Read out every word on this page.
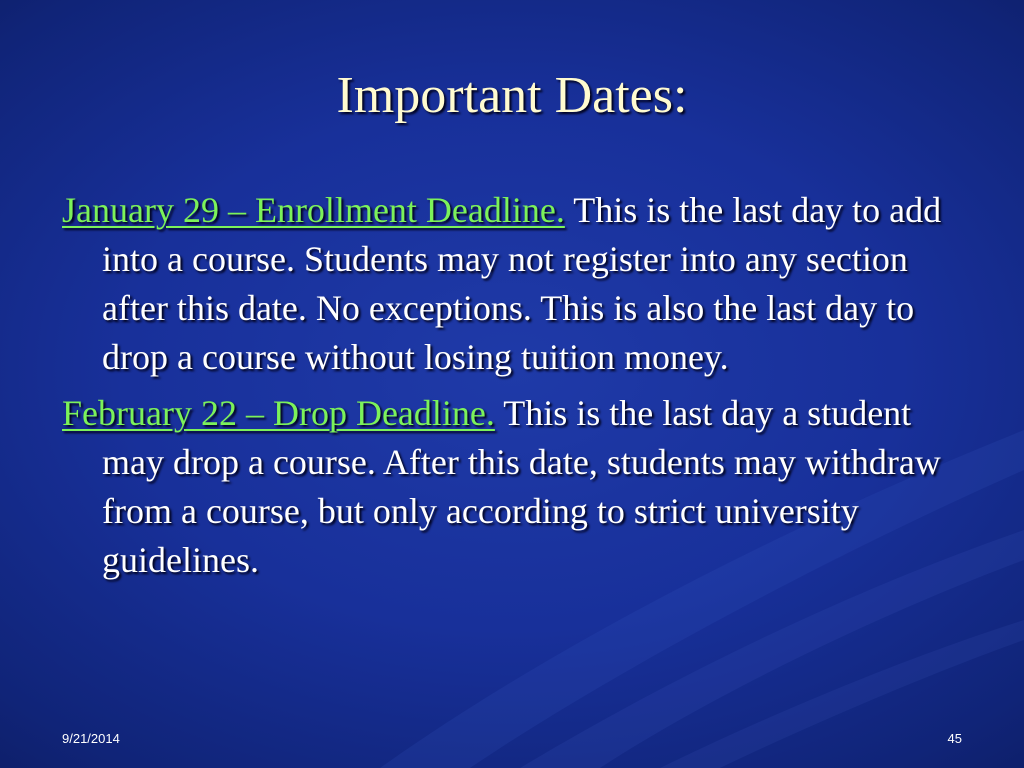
Important Dates:
January 29 – Enrollment Deadline. This is the last day to add into a course. Students may not register into any section after this date. No exceptions. This is also the last day to drop a course without losing tuition money.
February 22 – Drop Deadline. This is the last day a student may drop a course. After this date, students may withdraw from a course, but only according to strict university guidelines.
9/21/2014	45
